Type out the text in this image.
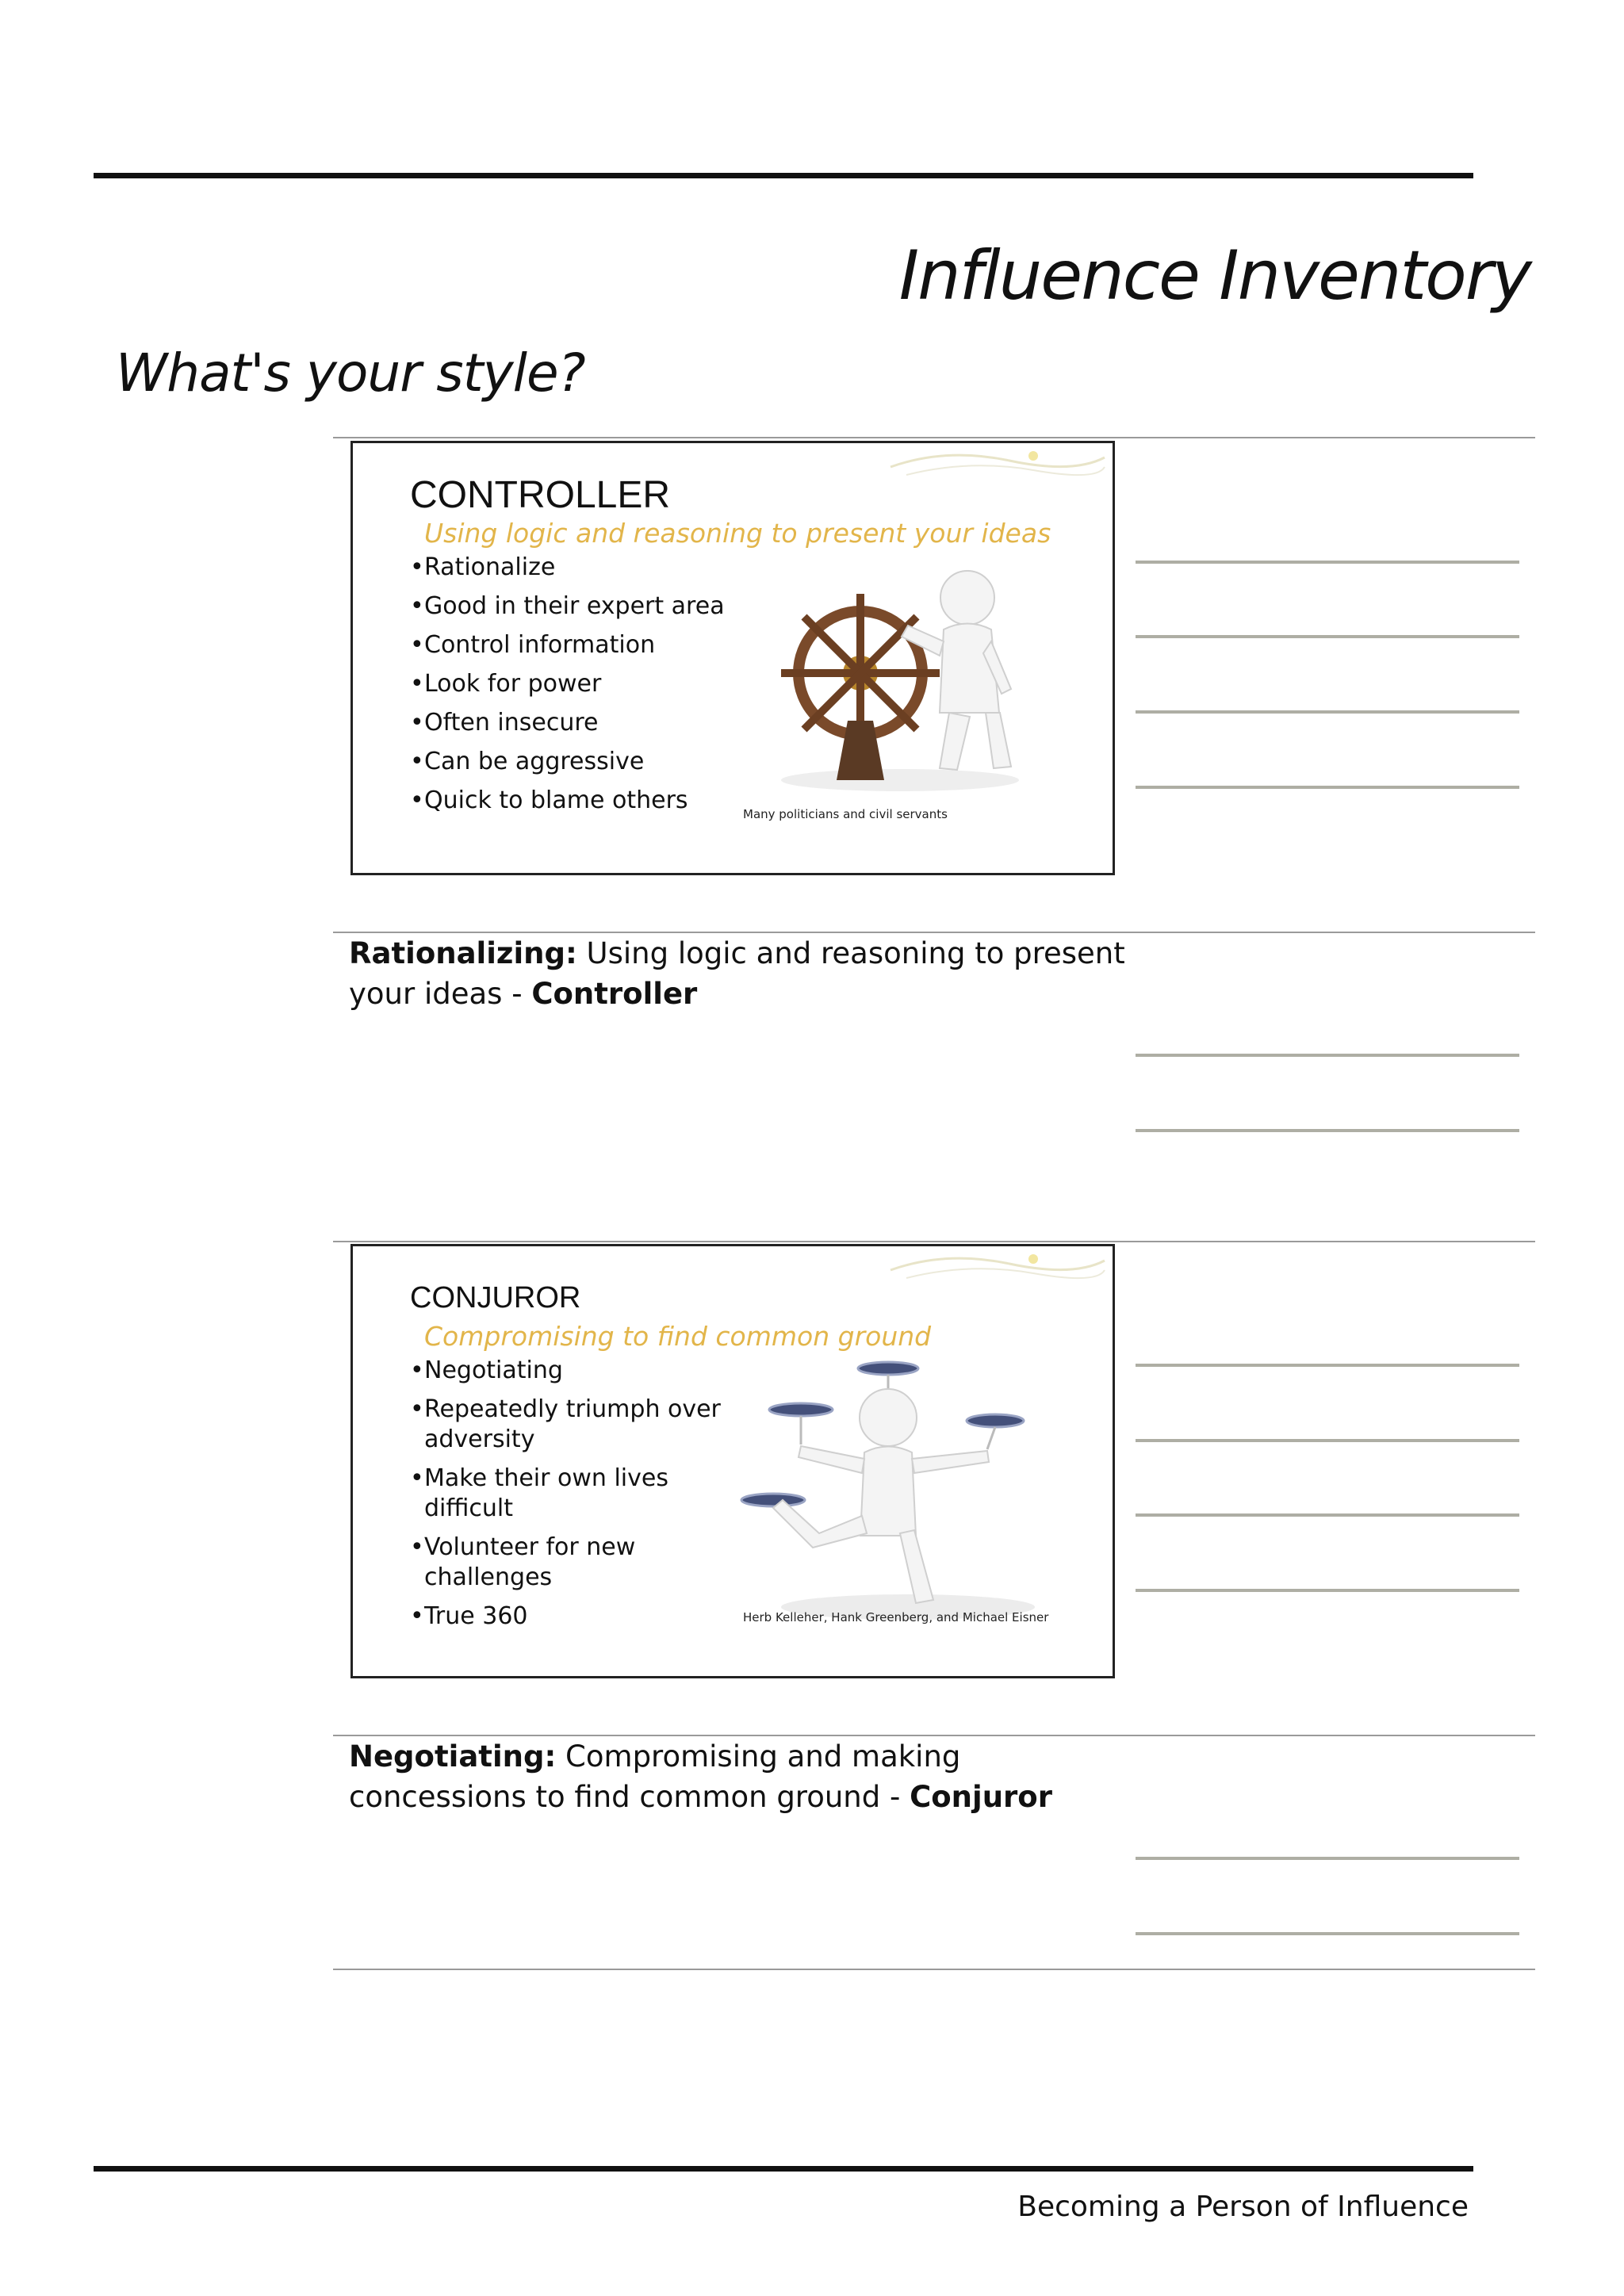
Influence Inventory
What's your style?
CONTROLLER
Using logic and reasoning to present your ideas
• Rationalize
• Good in their expert area
• Control information
• Look for power
• Often insecure
• Can be aggressive
• Quick to blame others	Many politicians and civil servants
Rationalizing: Using logic and reasoning to present your ideas - Controller
CONJUROR
Compromising to find common ground
• Negotiating
• Repeatedly triumph over adversity
• Make their own lives difficult
• Volunteer for new challenges
• True 360	Herb Kelleher, Hank Greenberg, and Michael Eisner
Negotiating: Compromising and making concessions to find common ground - Conjuror
Becoming a Person of Influence
